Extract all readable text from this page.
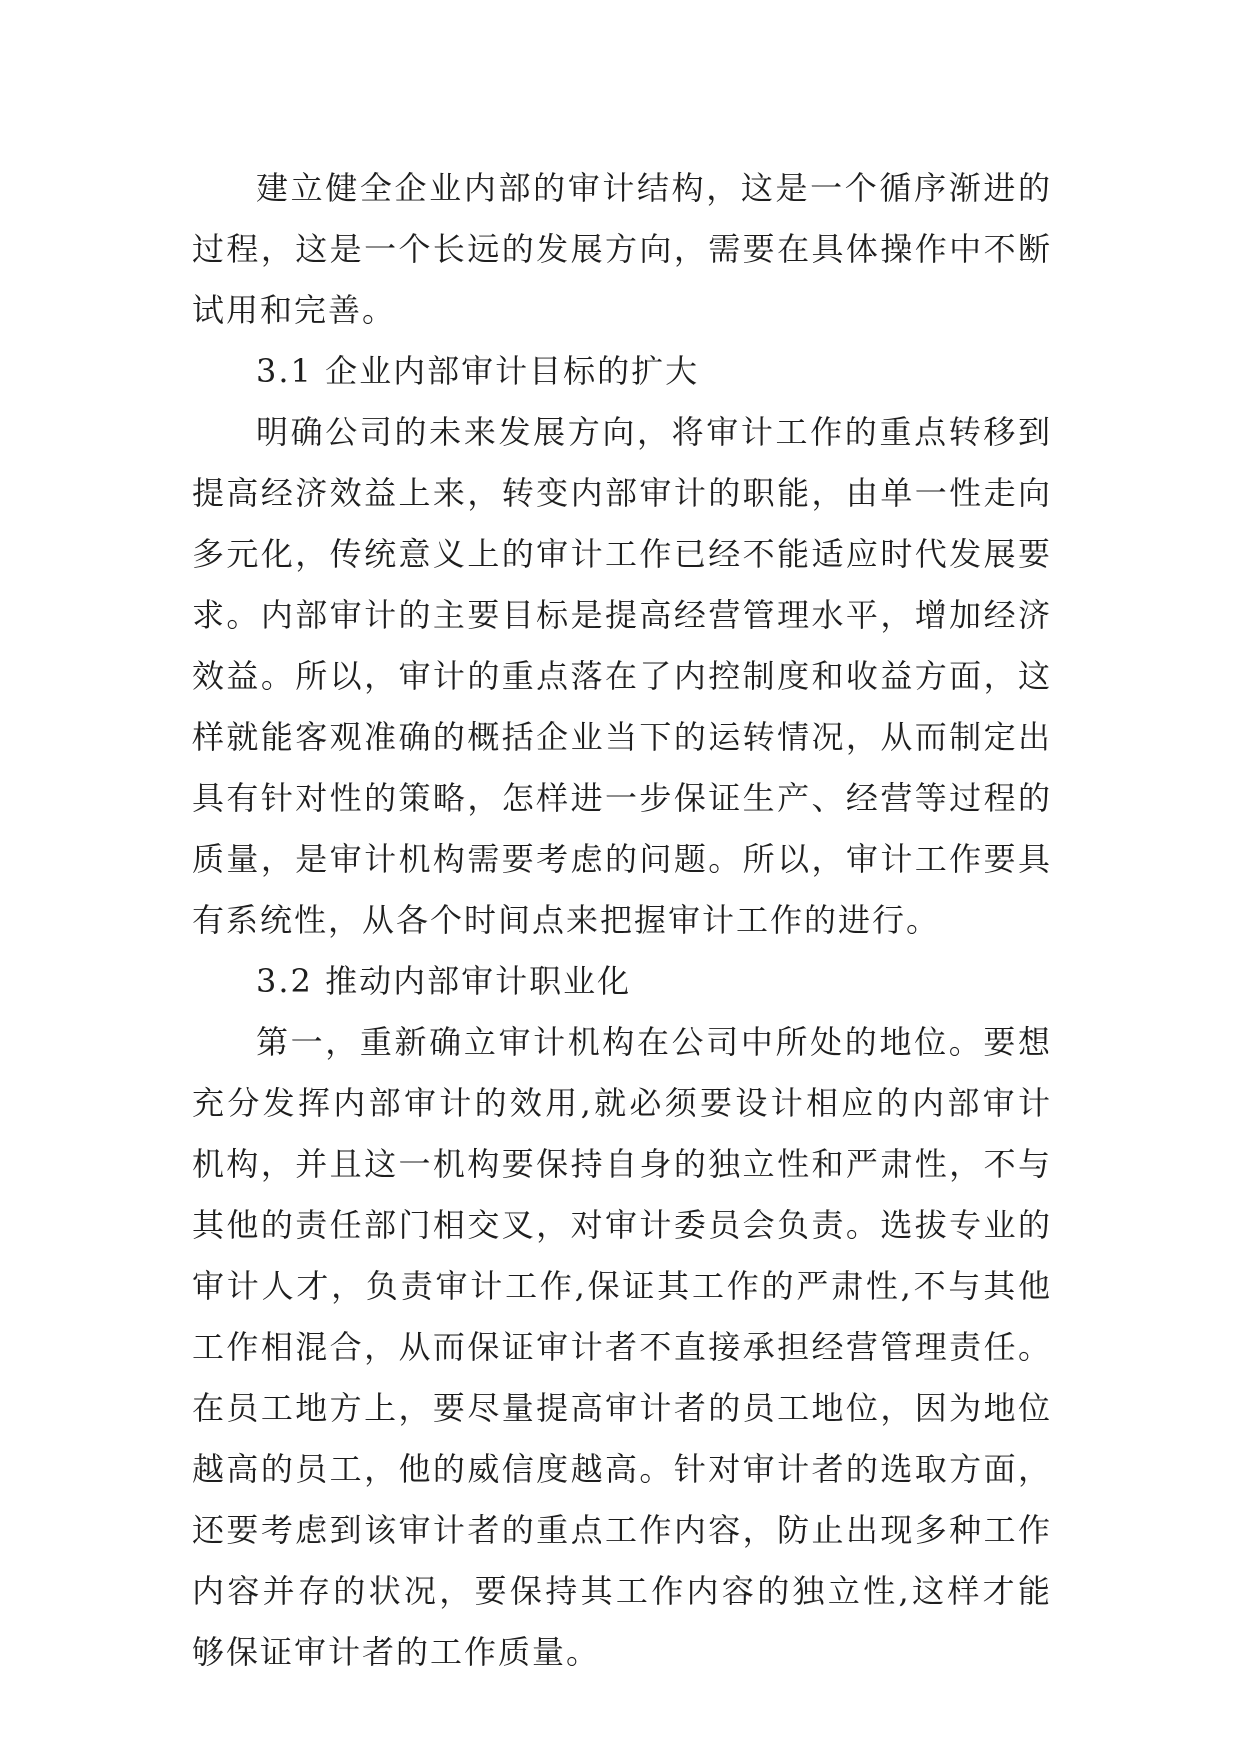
建立健全企业内部的审计结构，这是一个循序渐进的过程，这是一个长远的发展方向，需要在具体操作中不断试用和完善。

3.1 企业内部审计目标的扩大

明确公司的未来发展方向，将审计工作的重点转移到提高经济效益上来，转变内部审计的职能，由单一性走向多元化，传统意义上的审计工作已经不能适应时代发展要求。内部审计的主要目标是提高经营管理水平，增加经济效益。所以，审计的重点落在了内控制度和收益方面，这样就能客观准确的概括企业当下的运转情况，从而制定出具有针对性的策略，怎样进一步保证生产、经营等过程的质量，是审计机构需要考虑的问题。所以，审计工作要具有系统性，从各个时间点来把握审计工作的进行。

3.2 推动内部审计职业化

第一，重新确立审计机构在公司中所处的地位。要想充分发挥内部审计的效用,就必须要设计相应的内部审计机构，并且这一机构要保持自身的独立性和严肃性，不与其他的责任部门相交叉，对审计委员会负责。选拔专业的审计人才，负责审计工作,保证其工作的严肃性,不与其他工作相混合，从而保证审计者不直接承担经营管理责任。在员工地方上，要尽量提高审计者的员工地位，因为地位越高的员工，他的威信度越高。针对审计者的选取方面，还要考虑到该审计者的重点工作内容，防止出现多种工作内容并存的状况，要保持其工作内容的独立性,这样才能够保证审计者的工作质量。
